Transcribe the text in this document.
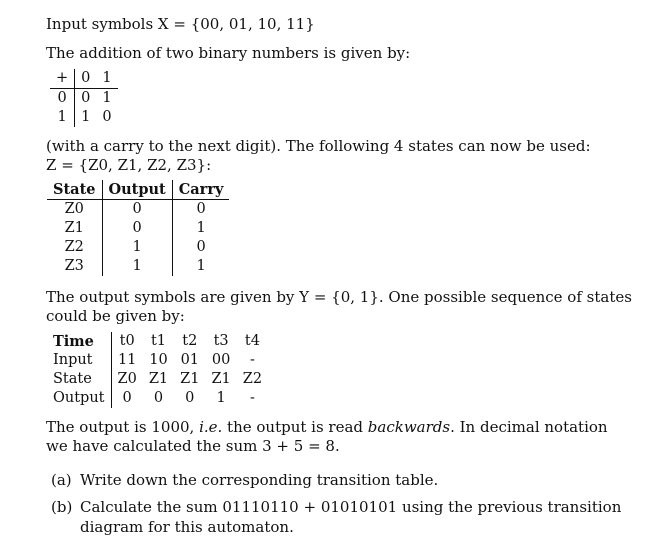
Input symbols X = {00, 01, 10, 11}
The addition of two binary numbers is given by:
+	0	1
0	0	1
1	1	0
(with a carry to the next digit). The following 4 states can now be used:
Z = {Z0, Z1, Z2, Z3}:
State	Output	Carry
Z0	0	0
Z1	0	1
Z2	1	0
Z3	1	1
The output symbols are given by Y = {0, 1}. One possible sequence of states
could be given by:
Time	t0	t1	t2	t3	t4
Input	11	10	01	00	-
State	Z0	Z1	Z1	Z1	Z2
Output	0	0	0	1	-
The output is 1000, i.e. the output is read backwards. In decimal notation
we have calculated the sum 3 + 5 = 8.
(a) Write down the corresponding transition table.
(b) Calculate the sum 01110110 + 01010101 using the previous transition
diagram for this automaton.
